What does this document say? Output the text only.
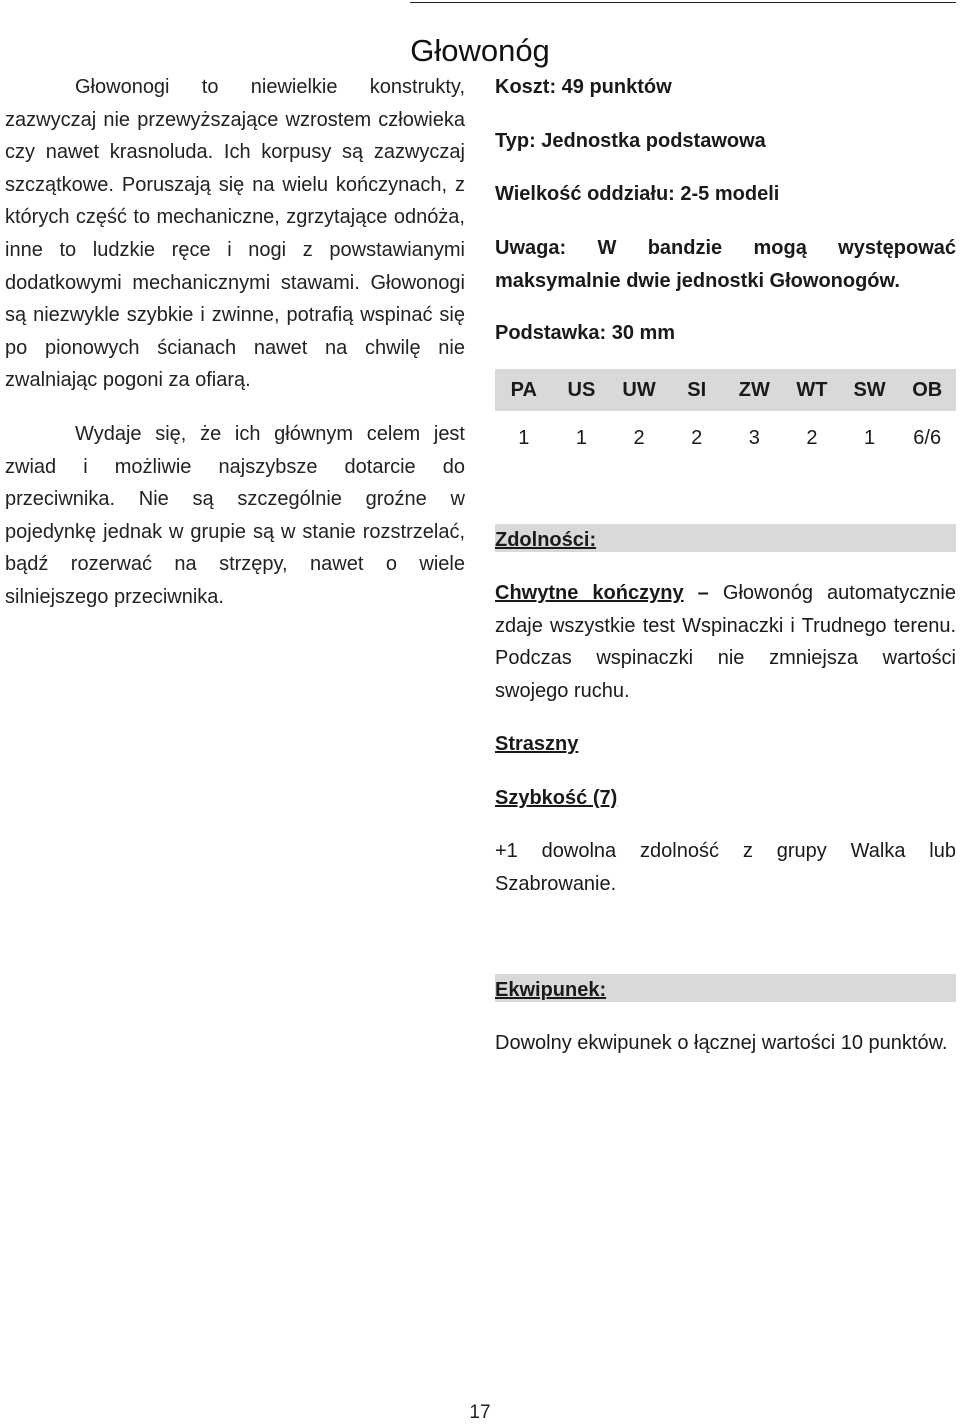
Głowonóg

Głowonogi to niewielkie konstrukty, zazwyczaj nie przewyższające wzrostem człowieka czy nawet krasnoluda. Ich korpusy są zazwyczaj szczątkowe. Poruszają się na wielu kończynach, z których część to mechaniczne, zgrzytające odnóża, inne to ludzkie ręce i nogi z powstawianymi dodatkowymi mechanicznymi stawami. Głowonogi są niezwykle szybkie i zwinne, potrafią wspinać się po pionowych ścianach nawet na chwilę nie zwalniając pogoni za ofiarą.

Wydaje się, że ich głównym celem jest zwiad i możliwie najszybsze dotarcie do przeciwnika. Nie są szczególnie groźne w pojedynkę jednak w grupie są w stanie rozstrzelać, bądź rozerwać na strzępy, nawet o wiele silniejszego przeciwnika.

Koszt: 49 punktów
Typ: Jednostka podstawowa
Wielkość oddziału: 2-5 modeli
Uwaga: W bandzie mogą występować maksymalnie dwie jednostki Głowonogów.
Podstawka: 30 mm
PA	US	UW	SI	ZW	WT	SW	OB
1	1	2	2	3	2	1	6/6
Zdolności:
Chwytne kończyny – Głowonóg automatycznie zdaje wszystkie test Wspinaczki i Trudnego terenu. Podczas wspinaczki nie zmniejsza wartości swojego ruchu.
Straszny
Szybkość (7)
+1 dowolna zdolność z grupy Walka lub Szabrowanie.
Ekwipunek:
Dowolny ekwipunek o łącznej wartości 10 punktów.
17
